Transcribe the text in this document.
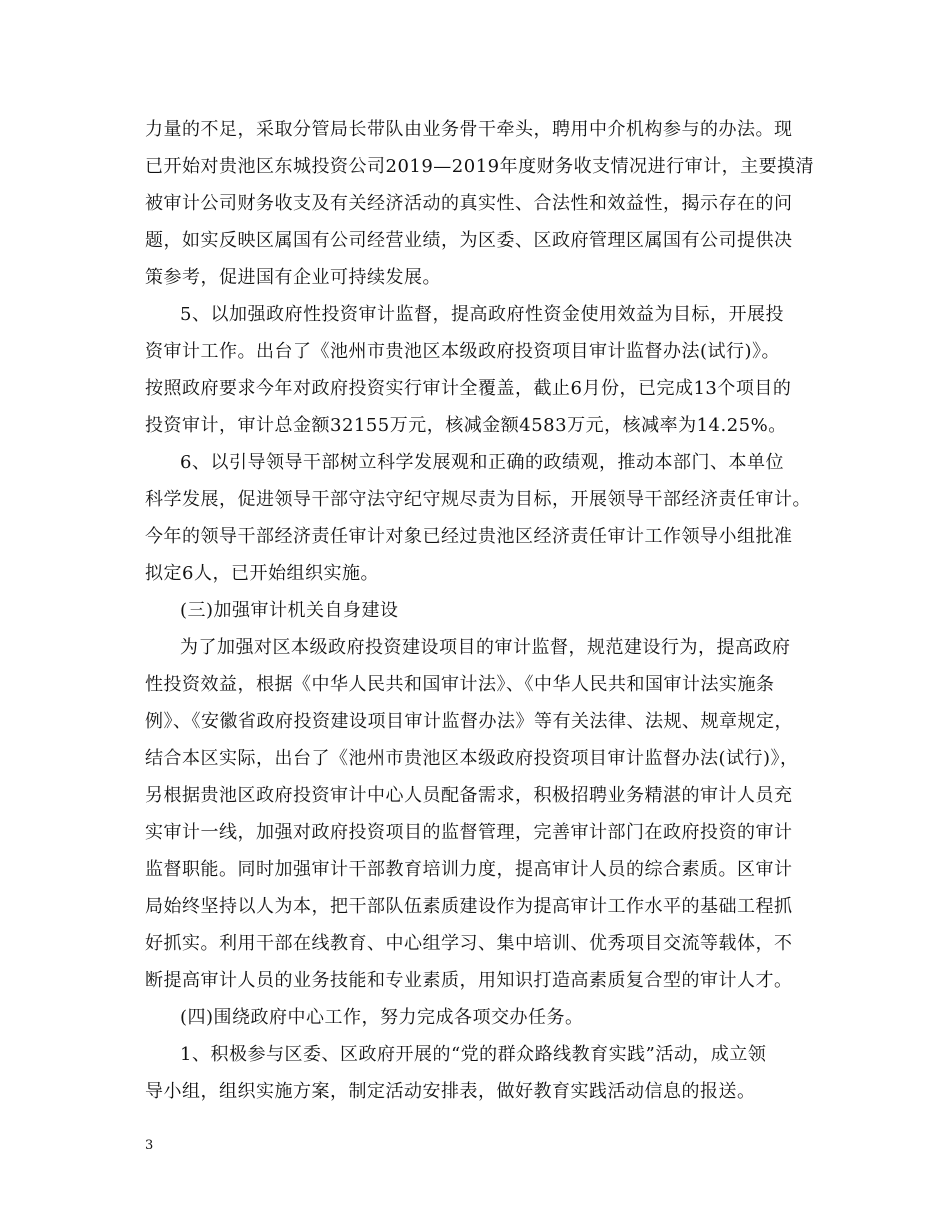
力量的不足，采取分管局长带队由业务骨干牵头，聘用中介机构参与的办法。现
已开始对贵池区东城投资公司2019—2019年度财务收支情况进行审计，主要摸清
被审计公司财务收支及有关经济活动的真实性、合法性和效益性，揭示存在的问
题，如实反映区属国有公司经营业绩，为区委、区政府管理区属国有公司提供决
策参考，促进国有企业可持续发展。
5、以加强政府性投资审计监督，提高政府性资金使用效益为目标，开展投
资审计工作。出台了《池州市贵池区本级政府投资项目审计监督办法(试行)》。
按照政府要求今年对政府投资实行审计全覆盖，截止6月份，已完成13个项目的
投资审计，审计总金额32155万元，核减金额4583万元，核减率为14.25%。
6、以引导领导干部树立科学发展观和正确的政绩观，推动本部门、本单位
科学发展，促进领导干部守法守纪守规尽责为目标，开展领导干部经济责任审计。
今年的领导干部经济责任审计对象已经过贵池区经济责任审计工作领导小组批准
拟定6人，已开始组织实施。
(三)加强审计机关自身建设
为了加强对区本级政府投资建设项目的审计监督，规范建设行为，提高政府
性投资效益，根据《中华人民共和国审计法》、《中华人民共和国审计法实施条
例》、《安徽省政府投资建设项目审计监督办法》等有关法律、法规、规章规定，
结合本区实际，出台了《池州市贵池区本级政府投资项目审计监督办法(试行)》，
另根据贵池区政府投资审计中心人员配备需求，积极招聘业务精湛的审计人员充
实审计一线，加强对政府投资项目的监督管理，完善审计部门在政府投资的审计
监督职能。同时加强审计干部教育培训力度，提高审计人员的综合素质。区审计
局始终坚持以人为本，把干部队伍素质建设作为提高审计工作水平的基础工程抓
好抓实。利用干部在线教育、中心组学习、集中培训、优秀项目交流等载体，不
断提高审计人员的业务技能和专业素质，用知识打造高素质复合型的审计人才。
(四)围绕政府中心工作，努力完成各项交办任务。
1、积极参与区委、区政府开展的“党的群众路线教育实践”活动，成立领
导小组，组织实施方案，制定活动安排表，做好教育实践活动信息的报送。
3
